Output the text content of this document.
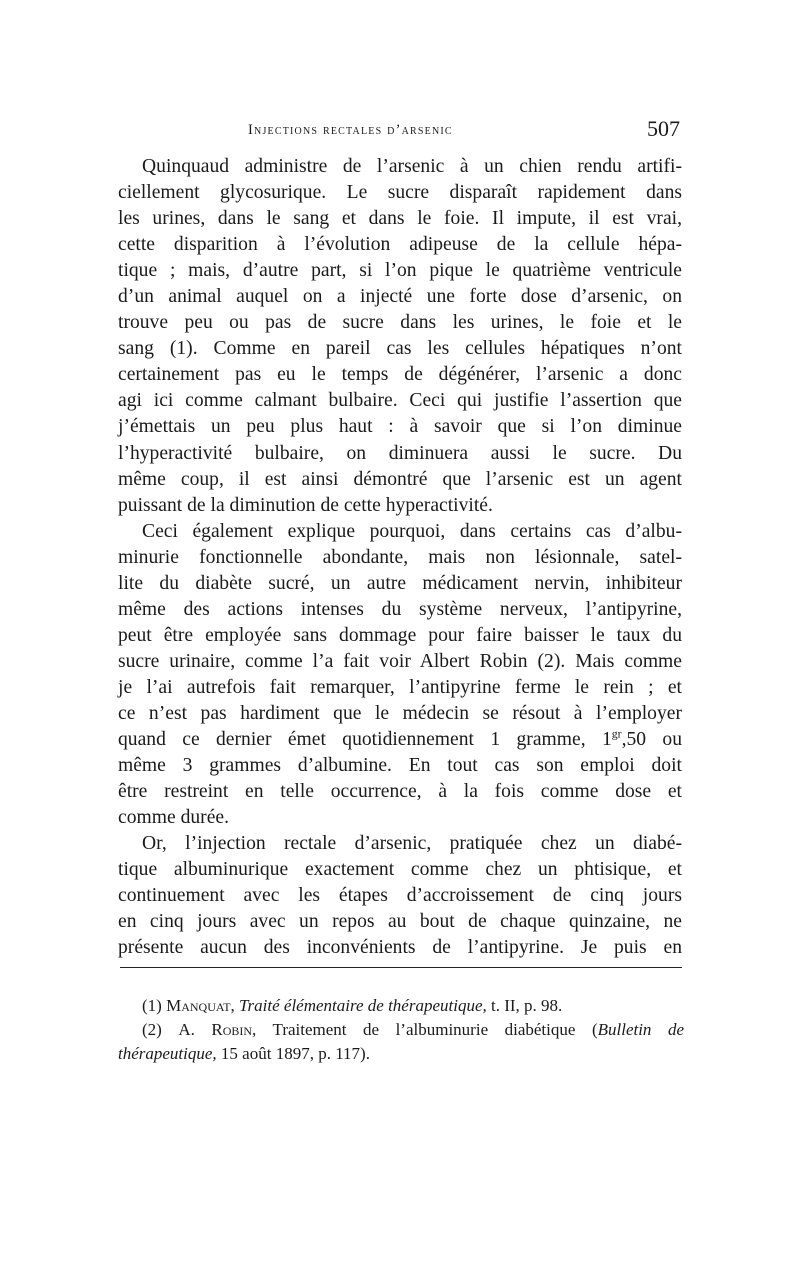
Injections rectales d’arsenic	507
Quinquaud administre de l’arsenic à un chien rendu artifi-
ciellement glycosurique. Le sucre disparaît rapidement dans
les urines, dans le sang et dans le foie. Il impute, il est vrai,
cette disparition à l’évolution adipeuse de la cellule hépa-
tique ; mais, d’autre part, si l’on pique le quatrième ventricule
d’un animal auquel on a injecté une forte dose d’arsenic, on
trouve peu ou pas de sucre dans les urines, le foie et le
sang (1). Comme en pareil cas les cellules hépatiques n’ont
certainement pas eu le temps de dégénérer, l’arsenic a donc
agi ici comme calmant bulbaire. Ceci qui justifie l’assertion que
j’émettais un peu plus haut : à savoir que si l’on diminue
l’hyperactivité bulbaire, on diminuera aussi le sucre. Du
même coup, il est ainsi démontré que l’arsenic est un agent
puissant de la diminution de cette hyperactivité.
Ceci également explique pourquoi, dans certains cas d’albu-
minurie fonctionnelle abondante, mais non lésionnale, satel-
lite du diabète sucré, un autre médicament nervin, inhibiteur
même des actions intenses du système nerveux, l’antipyrine,
peut être employée sans dommage pour faire baisser le taux du
sucre urinaire, comme l’a fait voir Albert Robin (2). Mais comme
je l’ai autrefois fait remarquer, l’antipyrine ferme le rein ; et
ce n’est pas hardiment que le médecin se résout à l’employer
quand ce dernier émet quotidiennement 1 gramme, $1^{gr},50$ ou
même 3 grammes d’albumine. En tout cas son emploi doit
être restreint en telle occurrence, à la fois comme dose et
comme durée.
Or, l’injection rectale d’arsenic, pratiquée chez un diabé-
tique albuminurique exactement comme chez un phtisique, et
continuement avec les étapes d’accroissement de cinq jours
en cinq jours avec un repos au bout de chaque quinzaine, ne
présente aucun des inconvénients de l’antipyrine. Je puis en

(1) Manquat, Traité élémentaire de thérapeutique, t. II, p. 98.

(2) A. Robin, Traitement de l’albuminurie diabétique (Bulletin de
thérapeutique, 15 août 1897, p. 117).
